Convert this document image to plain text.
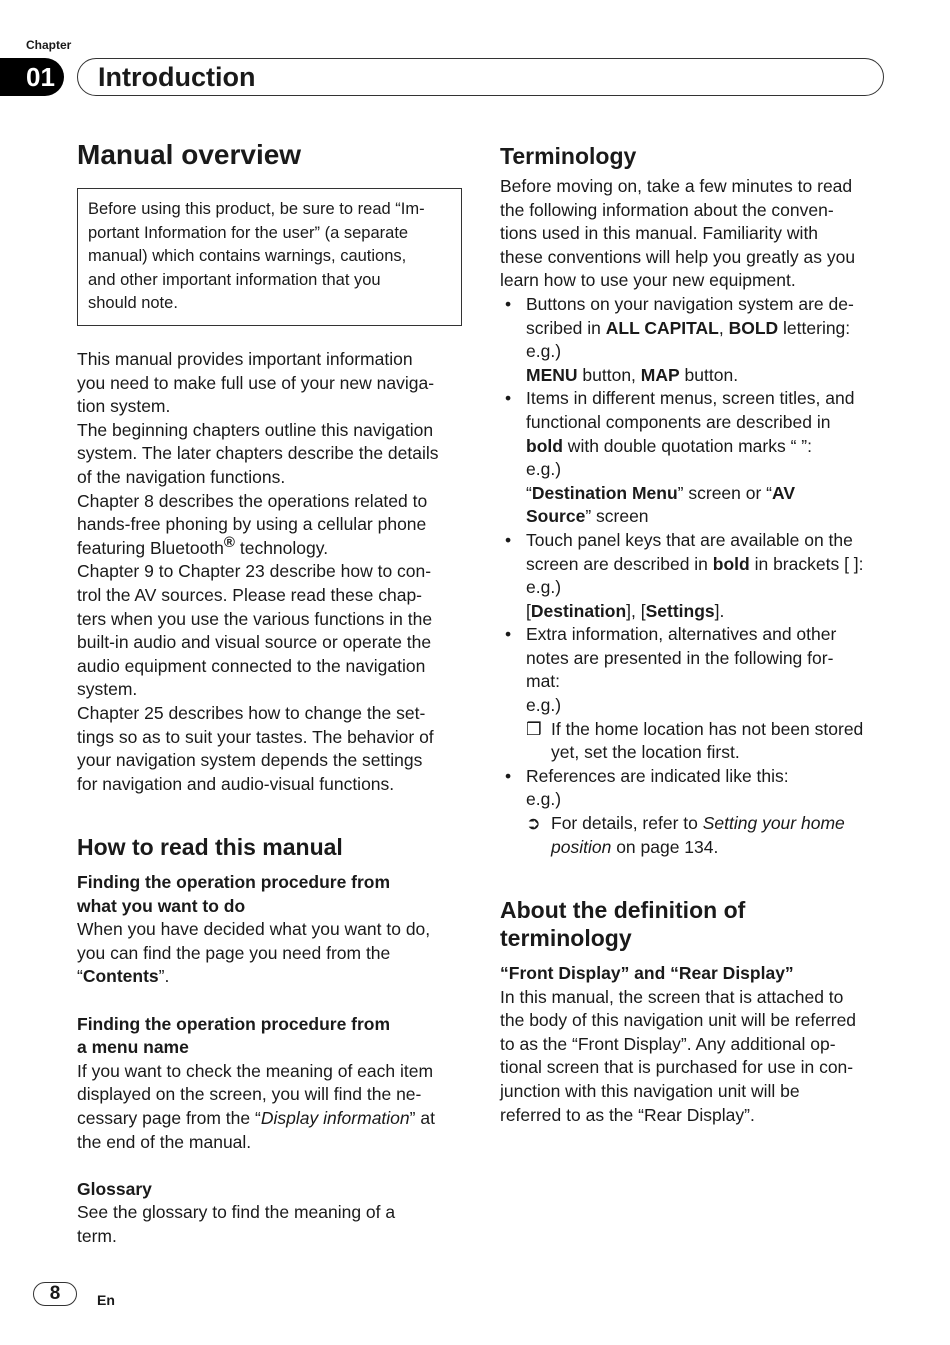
Chapter
01	Introduction
Manual overview
Before using this product, be sure to read “Im-
portant Information for the user” (a separate
manual) which contains warnings, cautions,
and other important information that you
should note.
This manual provides important information
you need to make full use of your new naviga-
tion system.
The beginning chapters outline this navigation
system. The later chapters describe the details
of the navigation functions.
Chapter 8 describes the operations related to
hands-free phoning by using a cellular phone
featuring Bluetooth® technology.
Chapter 9 to Chapter 23 describe how to con-
trol the AV sources. Please read these chap-
ters when you use the various functions in the
built-in audio and visual source or operate the
audio equipment connected to the navigation
system.
Chapter 25 describes how to change the set-
tings so as to suit your tastes. The behavior of
your navigation system depends the settings
for navigation and audio-visual functions.
How to read this manual
Finding the operation procedure from
what you want to do
When you have decided what you want to do,
you can find the page you need from the
“Contents”.

Finding the operation procedure from
a menu name
If you want to check the meaning of each item
displayed on the screen, you will find the ne-
cessary page from the “Display information” at
the end of the manual.

Glossary
See the glossary to find the meaning of a
term.
Terminology
Before moving on, take a few minutes to read
the following information about the conven-
tions used in this manual. Familiarity with
these conventions will help you greatly as you
learn how to use your new equipment.
• Buttons on your navigation system are de-
scribed in ALL CAPITAL, BOLD lettering:
e.g.)
MENU button, MAP button.
• Items in different menus, screen titles, and
functional components are described in
bold with double quotation marks “ ”:
e.g.)
“Destination Menu” screen or “AV
Source” screen
• Touch panel keys that are available on the
screen are described in bold in brackets [ ]:
e.g.)
[Destination], [Settings].
• Extra information, alternatives and other
notes are presented in the following for-
mat:
e.g.)
❒ If the home location has not been stored
yet, set the location first.
• References are indicated like this:
e.g.)
➲ For details, refer to Setting your home
position on page 134.
About the definition of
terminology
“Front Display” and “Rear Display”
In this manual, the screen that is attached to
the body of this navigation unit will be referred
to as the “Front Display”. Any additional op-
tional screen that is purchased for use in con-
junction with this navigation unit will be
referred to as the “Rear Display”.
8	En
